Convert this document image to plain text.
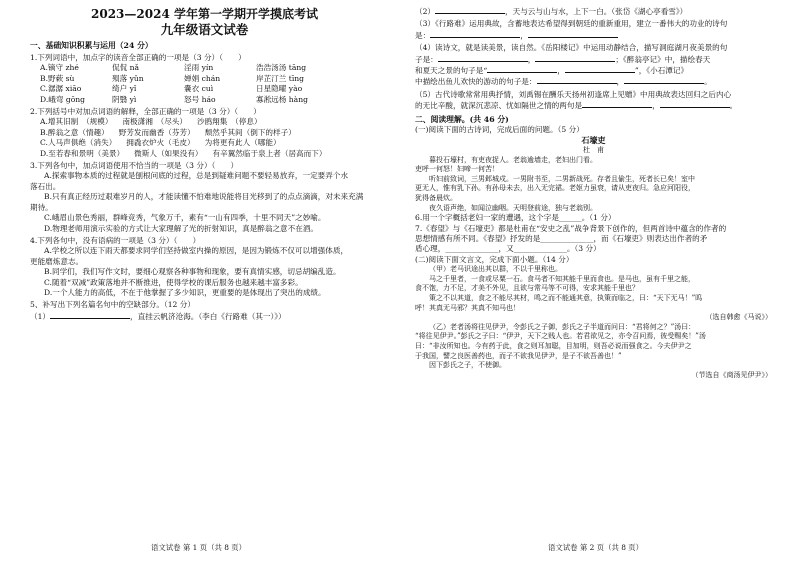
2023—2024 学年第一学期开学摸底考试
九年级语文试卷
一、基础知识积累与运用（24 分）
1.下列词语中，加点字的读音全部正确的一项是（3 分）（　　）
A.镝守 zhé	侃侃 nǎ	淫雨 yín	浩浩汤汤 tāng
B.野蔌 sù	殒落 yǔn	婵娟 chán	岸芷汀兰 tīng
C.潺潺 xiāo	绮户 yǐ	嚢衣 cuì	日星隐曜 yào
D.峨弯 gōng	阴翳 yì	怒号 háo	寡淞远杨 hàng
2.下列括号中对加点词语的解释，全部正确的一项是（3 分）（　　）
A.增其旧制　（规模） 南极潇湘　（尽头） 沙鸥翔集　（停息）
B.醉翁之意（情趣） 野芳发而幽香（芬芳） 颓然乎其间（倒下的样子）
C.人马声俱绝（消失） 拥毳衣炉火（毛皮） 为将更有此人（哪能）
D.至若春和景明（美景） 微斯人（如果没有） 有辛翼然临于泉上者（居高而下）
3.下列各句中，加点词语使用不恰当的一项是（3 分）（　　）
A.探索事物本质的过程就是刨根问底的过程，总是到疑难问题不要轻易放弃，一定要弄个水
落石出。
B.只有真正经历过艰难岁月的人，才能读懂不怕难地说能将目光移到了的点点滴滴，对未来充满
期待。
C.峨眉山景色秀丽，群峰竞秀，气象万千，素有“一山有四季，十里不同天”之妙喻。
D.物理老师用演示实验的方式让大家理解了光的折射知识，真是醉翁之意不在酒。
4.下列各句中，没有语病的一项是（3 分）（　　）
A.学校之所以连下雨天都要求同学们坚持做室内操的原因，是因为锻炼不仅可以增强体质，
更能磨炼意志。
B.同学们，我们写作文时，要细心观察各种事物和现象，要有真情实感，切忌胡编乱造。
C.随着“双减”政策落地并不断推进，使得学校的课后服务也越来越丰富多彩。
D.一个人能力的高低，不在于他掌握了多少知识，更重要的是体现出了突出的成绩。
5、补写出下列名篇名句中的空缺部分。（12 分）
（1）	，直挂云帆济沧海。（李白《行路难（其一）》）
语文试卷 第 1 页（共 8 页）
（2）	，天与云与山与水，上下一白。（张岱《湖心亭看雪》）
（3）《行路难》运用典故，含蓄地表达希望得到朝廷的重新重用，建立一番伟大的功业的诗句
是：	，
（4）读诗文，就是读美景，读自然。《岳阳楼记》中运用动静结合，描写洞庭湖月夜美景的句
子是：	，	；《醉翁亭记》中，描绘春天
和夏天之景的句子是“	，	”，《小石潭记》
中描绘出鱼儿欢快的游动的句子是：	，	。
（5）古代诗歌常常用典抒情，刘禹锡在酬乐天扬州初逢席上见赠》中用典故表达回归之后内心
的无比辛酸，就深沉悲凉、忧如隔世之情的两句是	，	。
二、阅读理解。(共 46 分)
(一)阅读下面的古诗词，完成后面的问题。（5 分）
石壕吏
杜　甫
暮投石壕村，有吏夜捉人。老翁逾墙走，老妇出门看。
吏呼一何怒！妇啼一何苦！
听妇前致词，三男邺城戍。一男附书至，二男新战死。存者且偷生，死者长已矣！室中
更无人，惟有乳下孙。有孙母未去，出入无完裙。老妪力虽衰，请从吏夜归。急应河阳役，
犹得备晨炊。
夜久语声绝，如闻泣幽咽。天明登前途，独与老翁别。
6.用一个字概括老妇一家的遭遇，这个字是______。（1 分）
7.《春望》与《石壕吏》都是杜甫在“安史之乱”战争背景下创作的，但两首诗中蕴含的作者的
思想情感有所不同。《春望》抒发的是______________，而《石壕吏》则表达出作者的矛
盾心理，______________，又______________。（3 分）
(二)阅读下面文言文，完成下面小题。（14 分）
（甲）老马识途出其以群，不以千里称也。
马之千里者，一食或尽粟一石。食马者不知其能千里而食也。是马也，虽有千里之能，
食不饱，力不足，才美不外见，且欲与常马等不可得，安求其能千里也？
策之不以其道，食之不能尽其材，鸣之而不能通其意，执策而临之，曰：“天下无马！”呜
呼！其真无马邪？其真不知马也！
（选自韩愈《马说》）
（乙）老者汤将往见伊尹，令彭氏之子御，彭氏之子半道而问曰：“君将何之？”汤曰：
“将往见伊尹。”彭氏之子曰：“伊尹，天下之贱人也。若君欲见之，亦令召问焉，彼受赐矣！”汤
曰：“非汝所知也。今有药于此，食之则耳加聪，目加明，则吾必说而强食之。今夫伊尹之
于我国，譬之良医善药也，而子不欲我见伊尹，是子不欲吾善也！”
因下彭氏之子，不使御。
（节选自《商汤见伊尹》）
语文试卷 第 2 页（共 8 页）
